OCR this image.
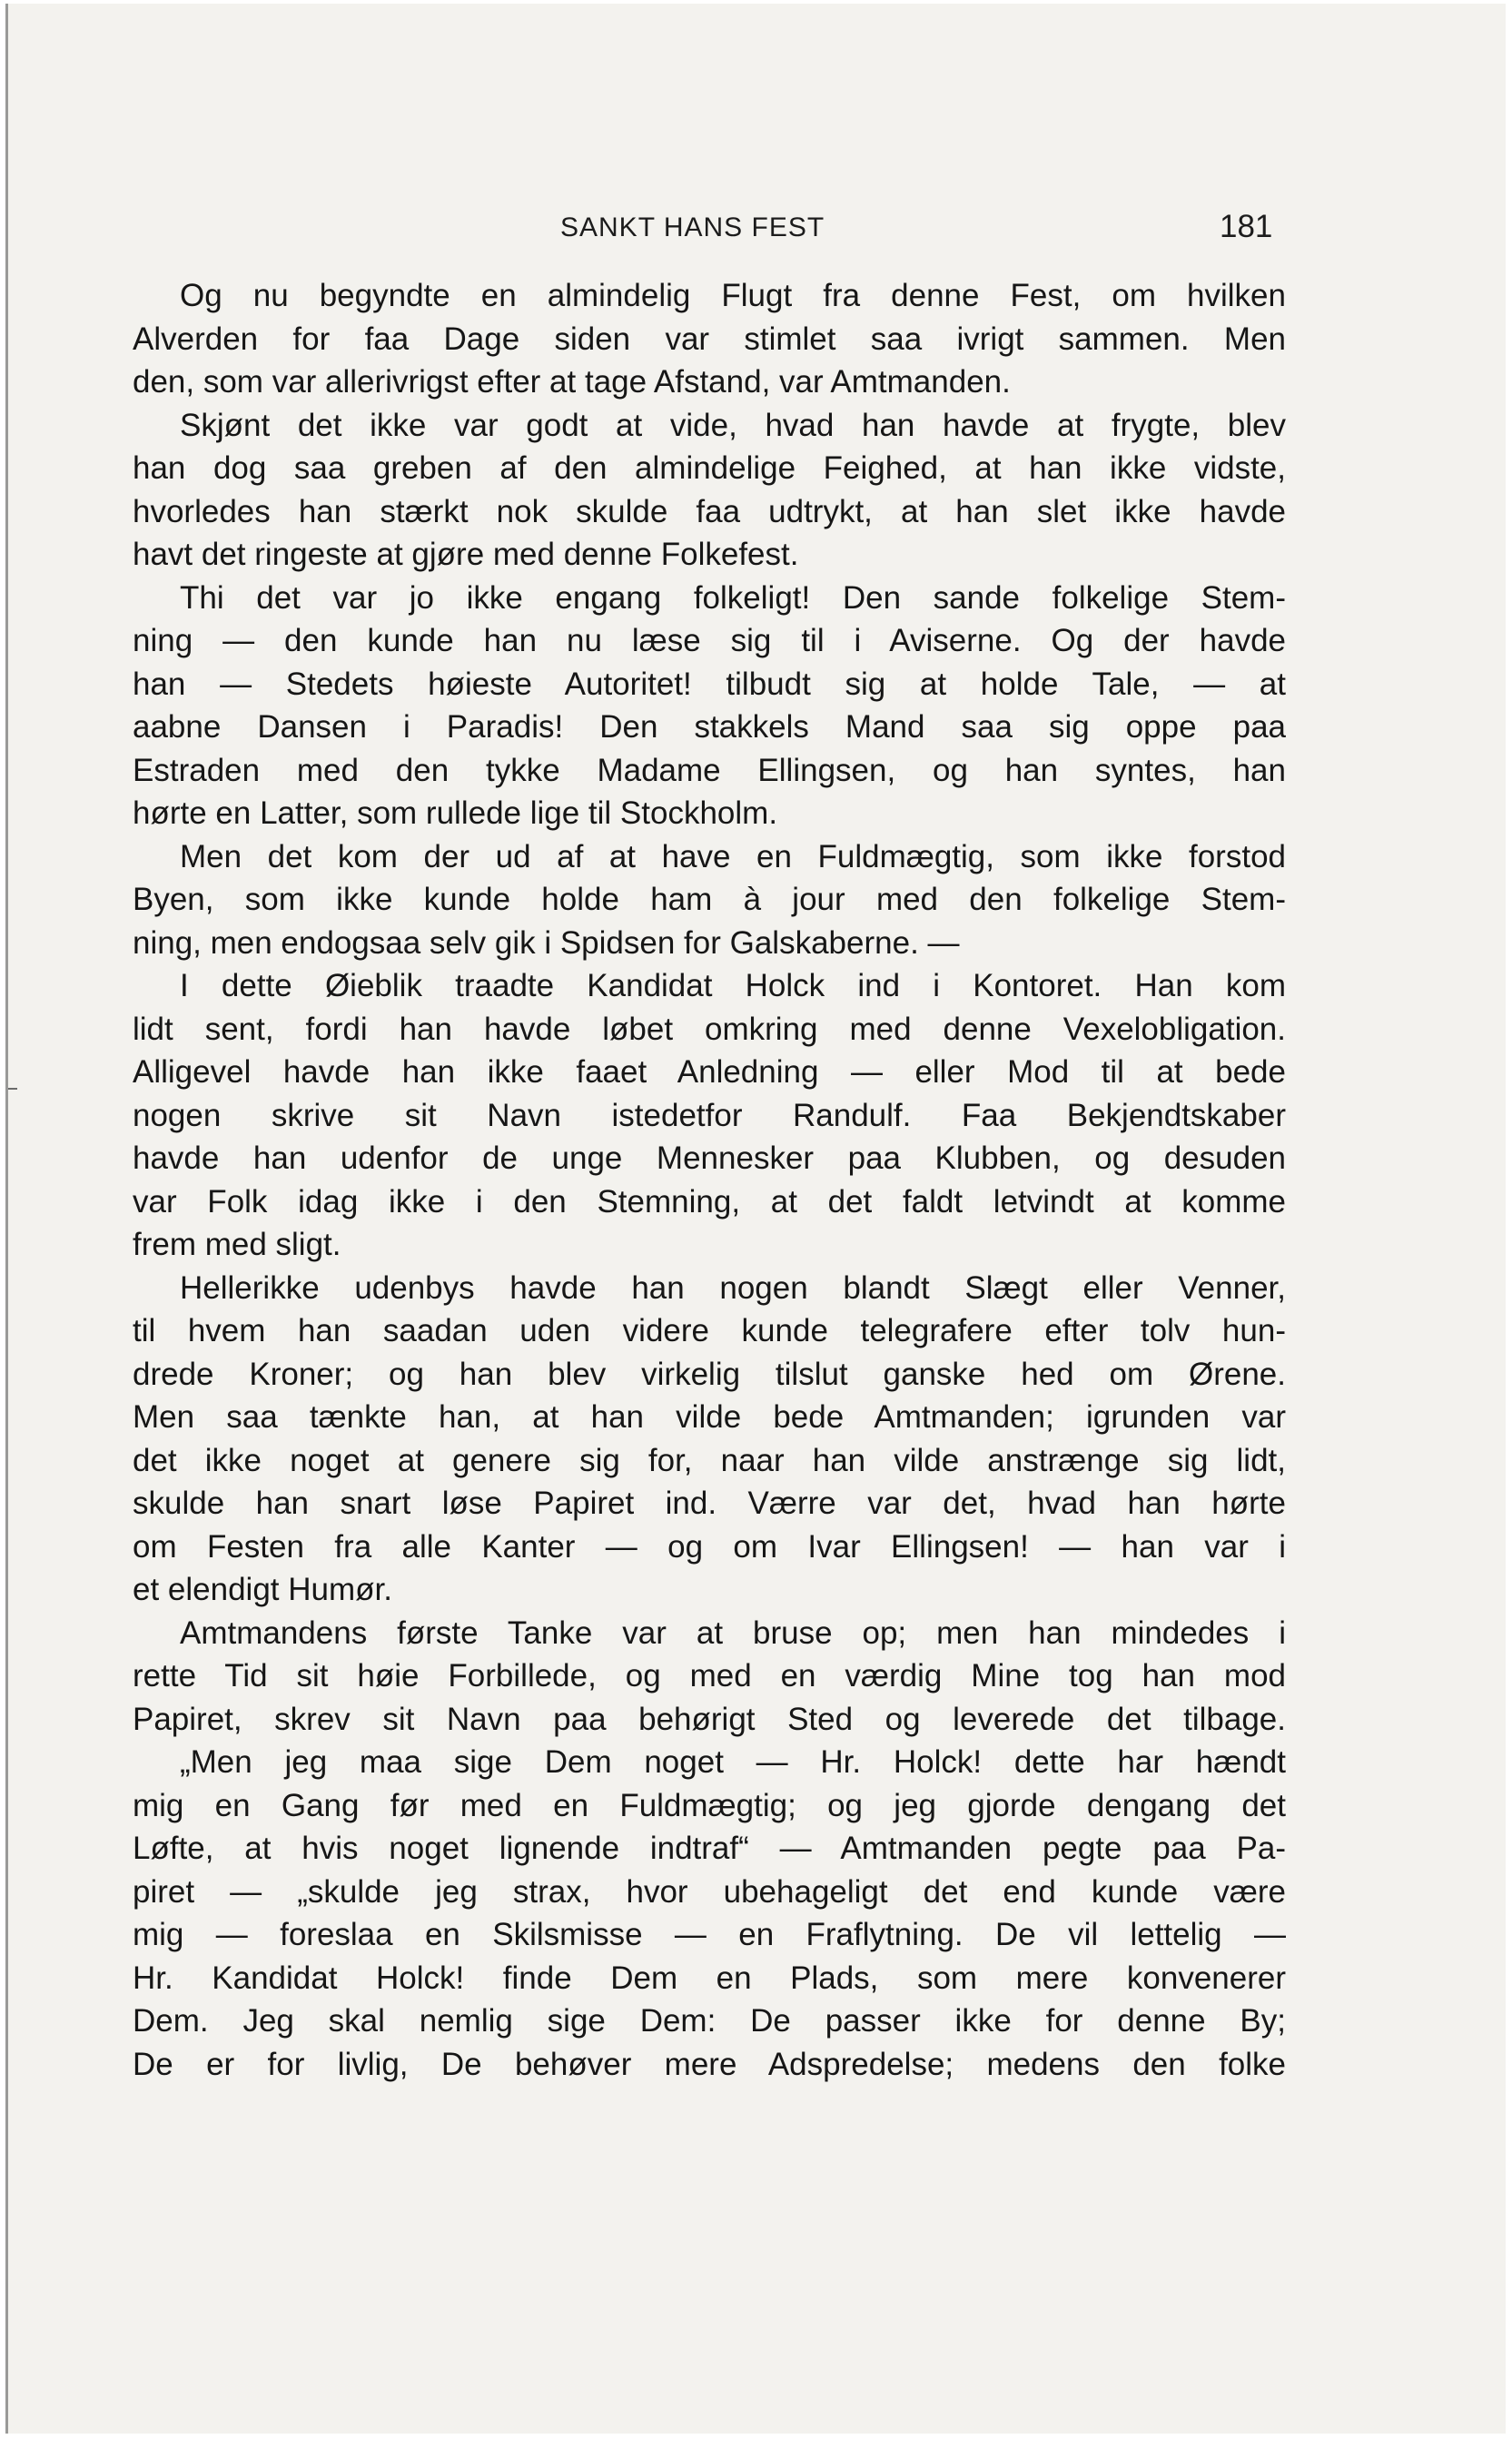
SANKT HANS FEST	181
Og nu begyndte en almindelig Flugt fra denne Fest, om hvilken
Alverden for faa Dage siden var stimlet saa ivrigt sammen. Men
den, som var allerivrigst efter at tage Afstand, var Amtmanden.
Skjønt det ikke var godt at vide, hvad han havde at frygte, blev
han dog saa greben af den almindelige Feighed, at han ikke vidste,
hvorledes han stærkt nok skulde faa udtrykt, at han slet ikke havde
havt det ringeste at gjøre med denne Folkefest.
Thi det var jo ikke engang folkeligt! Den sande folkelige Stem-
ning — den kunde han nu læse sig til i Aviserne. Og der havde
han — Stedets høieste Autoritet! tilbudt sig at holde Tale, — at
aabne Dansen i Paradis! Den stakkels Mand saa sig oppe paa
Estraden med den tykke Madame Ellingsen, og han syntes, han
hørte en Latter, som rullede lige til Stockholm.
Men det kom der ud af at have en Fuldmægtig, som ikke forstod
Byen, som ikke kunde holde ham à jour med den folkelige Stem-
ning, men endogsaa selv gik i Spidsen for Galskaberne. —
I dette Øieblik traadte Kandidat Holck ind i Kontoret. Han kom
lidt sent, fordi han havde løbet omkring med denne Vexelobligation.
Alligevel havde han ikke faaet Anledning — eller Mod til at bede
nogen skrive sit Navn istedetfor Randulf. Faa Bekjendtskaber
havde han udenfor de unge Mennesker paa Klubben, og desuden
var Folk idag ikke i den Stemning, at det faldt letvindt at komme
frem med sligt.
Hellerikke udenbys havde han nogen blandt Slægt eller Venner,
til hvem han saadan uden videre kunde telegrafere efter tolv hun-
drede Kroner; og han blev virkelig tilslut ganske hed om Ørene.
Men saa tænkte han, at han vilde bede Amtmanden; igrunden var
det ikke noget at genere sig for, naar han vilde anstrænge sig lidt,
skulde han snart løse Papiret ind. Værre var det, hvad han hørte
om Festen fra alle Kanter — og om Ivar Ellingsen! — han var i
et elendigt Humør.
Amtmandens første Tanke var at bruse op; men han mindedes i
rette Tid sit høie Forbillede, og med en værdig Mine tog han mod
Papiret, skrev sit Navn paa behørigt Sted og leverede det tilbage.
„Men jeg maa sige Dem noget — Hr. Holck! dette har hændt
mig en Gang før med en Fuldmægtig; og jeg gjorde dengang det
Løfte, at hvis noget lignende indtraf“ — Amtmanden pegte paa Pa-
piret — „skulde jeg strax, hvor ubehageligt det end kunde være
mig — foreslaa en Skilsmisse — en Fraflytning. De vil lettelig —
Hr. Kandidat Holck! finde Dem en Plads, som mere konvenerer
Dem. Jeg skal nemlig sige Dem: De passer ikke for denne By;
De er for livlig, De behøver mere Adspredelse; medens den folke
